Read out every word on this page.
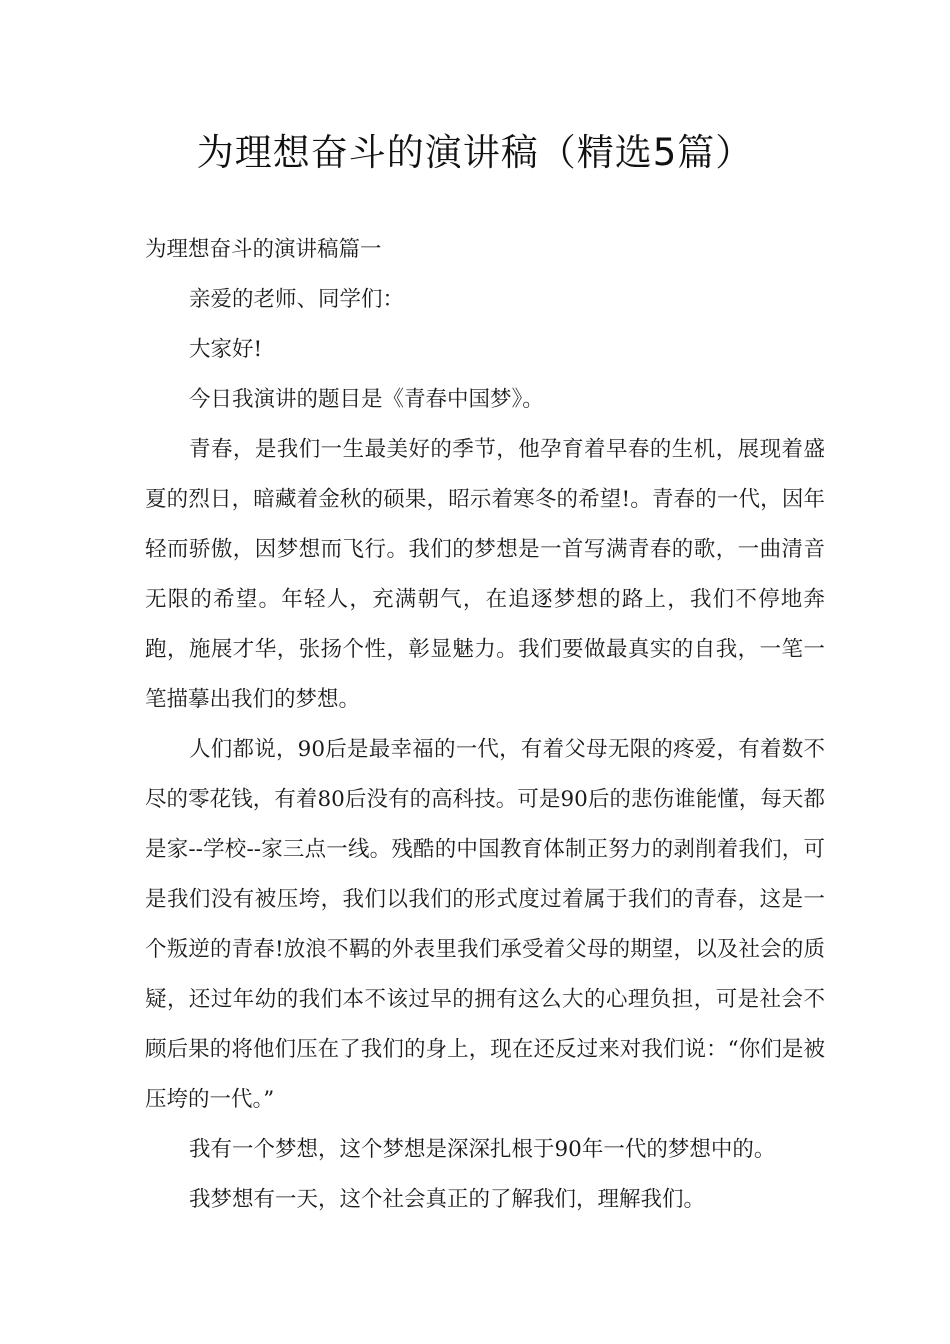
为理想奋斗的演讲稿（精选5篇）

为理想奋斗的演讲稿篇一

亲爱的老师、同学们：

大家好!

今日我演讲的题目是《青春中国梦》。

青春，是我们一生最美好的季节，他孕育着早春的生机，展现着盛夏的烈日，暗藏着金秋的硕果，昭示着寒冬的希望!。青春的一代，因年轻而骄傲，因梦想而飞行。我们的梦想是一首写满青春的歌，一曲清音无限的希望。年轻人，充满朝气，在追逐梦想的路上，我们不停地奔跑，施展才华，张扬个性，彰显魅力。我们要做最真实的自我，一笔一笔描摹出我们的梦想。

人们都说，90后是最幸福的一代，有着父母无限的疼爱，有着数不尽的零花钱，有着80后没有的高科技。可是90后的悲伤谁能懂，每天都是家--学校--家三点一线。残酷的中国教育体制正努力的剥削着我们，可是我们没有被压垮，我们以我们的形式度过着属于我们的青春，这是一个叛逆的青春!放浪不羁的外表里我们承受着父母的期望，以及社会的质疑，还过年幼的我们本不该过早的拥有这么大的心理负担，可是社会不顾后果的将他们压在了我们的身上，现在还反过来对我们说：“你们是被压垮的一代。”

我有一个梦想，这个梦想是深深扎根于90年一代的梦想中的。

我梦想有一天，这个社会真正的了解我们，理解我们。
